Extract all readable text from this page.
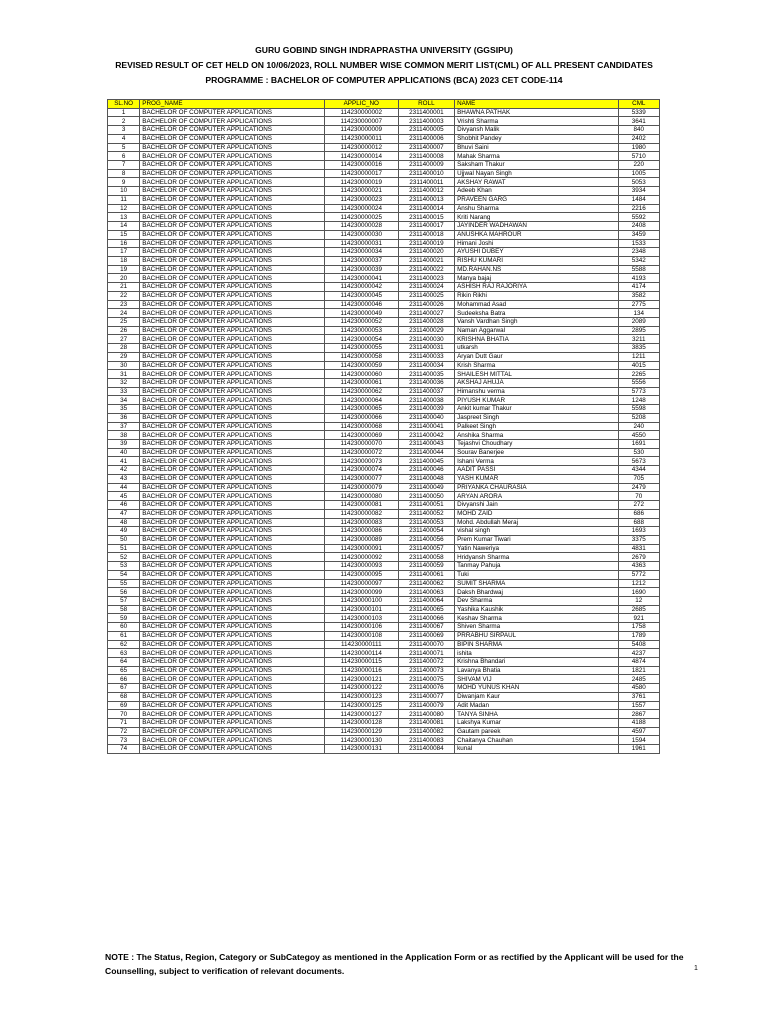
GURU GOBIND SINGH INDRAPRASTHA UNIVERSITY (GGSIPU)
REVISED RESULT OF CET HELD ON 10/06/2023, ROLL NUMBER WISE COMMON MERIT LIST(CML) OF ALL PRESENT CANDIDATES
PROGRAMME : BACHELOR OF COMPUTER APPLICATIONS (BCA) 2023 CET CODE-114
SL.NO	PROG_NAME	APPLIC_NO	ROLL	NAME	CML
1	BACHELOR OF COMPUTER APPLICATIONS	114230000002	2311400001	BHAWNA PATHAK	5339
2	BACHELOR OF COMPUTER APPLICATIONS	114230000007	2311400003	Vrishti Sharma	3641
3	BACHELOR OF COMPUTER APPLICATIONS	114230000009	2311400005	Divyansh Malik	840
4	BACHELOR OF COMPUTER APPLICATIONS	114230000011	2311400006	Shobhit Pandey	2402
5	BACHELOR OF COMPUTER APPLICATIONS	114230000012	2311400007	Bhuvi Saini	1980
6	BACHELOR OF COMPUTER APPLICATIONS	114230000014	2311400008	Mahak Sharma	5710
7	BACHELOR OF COMPUTER APPLICATIONS	114230000016	2311400009	Saksham Thakur	220
8	BACHELOR OF COMPUTER APPLICATIONS	114230000017	2311400010	Ujjwal Nayan Singh	1005
9	BACHELOR OF COMPUTER APPLICATIONS	114230000019	2311400011	AKSHAY RAWAT	5053
10	BACHELOR OF COMPUTER APPLICATIONS	114230000021	2311400012	Adeeb Khan	3934
11	BACHELOR OF COMPUTER APPLICATIONS	114230000023	2311400013	PRAVEEN GARG	1484
12	BACHELOR OF COMPUTER APPLICATIONS	114230000024	2311400014	Anshu Sharma	2216
13	BACHELOR OF COMPUTER APPLICATIONS	114230000025	2311400015	Kriti Narang	5592
14	BACHELOR OF COMPUTER APPLICATIONS	114230000028	2311400017	JAYINDER WADHAWAN	2408
15	BACHELOR OF COMPUTER APPLICATIONS	114230000030	2311400018	ANUSHKA MAHROUR	3459
16	BACHELOR OF COMPUTER APPLICATIONS	114230000031	2311400019	Himani Joshi	1533
17	BACHELOR OF COMPUTER APPLICATIONS	114230000034	2311400020	AYUSHI DUBEY	2348
18	BACHELOR OF COMPUTER APPLICATIONS	114230000037	2311400021	RISHU KUMARI	5342
19	BACHELOR OF COMPUTER APPLICATIONS	114230000039	2311400022	MD.RAHAN.NS	5588
20	BACHELOR OF COMPUTER APPLICATIONS	114230000041	2311400023	Manya bajaj	4193
21	BACHELOR OF COMPUTER APPLICATIONS	114230000042	2311400024	ASHISH RAJ RAJORIYA	4174
22	BACHELOR OF COMPUTER APPLICATIONS	114230000045	2311400025	Rikin Rikhi	3582
23	BACHELOR OF COMPUTER APPLICATIONS	114230000046	2311400026	Mohammad Asad	2775
24	BACHELOR OF COMPUTER APPLICATIONS	114230000049	2311400027	Sudeeksha Batra	134
25	BACHELOR OF COMPUTER APPLICATIONS	114230000052	2311400028	Vansh Vardhan Singh	2089
26	BACHELOR OF COMPUTER APPLICATIONS	114230000053	2311400029	Naman Aggarwal	2895
27	BACHELOR OF COMPUTER APPLICATIONS	114230000054	2311400030	KRISHNA BHATIA	3211
28	BACHELOR OF COMPUTER APPLICATIONS	114230000055	2311400031	utkarsh	3835
29	BACHELOR OF COMPUTER APPLICATIONS	114230000058	2311400033	Aryan Dutt Gaur	1211
30	BACHELOR OF COMPUTER APPLICATIONS	114230000059	2311400034	Krish Sharma	4015
31	BACHELOR OF COMPUTER APPLICATIONS	114230000060	2311400035	SHAILESH MITTAL	2265
32	BACHELOR OF COMPUTER APPLICATIONS	114230000061	2311400036	AKSHAJ AHUJA	5556
33	BACHELOR OF COMPUTER APPLICATIONS	114230000062	2311400037	Himanshu verma	5773
34	BACHELOR OF COMPUTER APPLICATIONS	114230000064	2311400038	PIYUSH KUMAR	1248
35	BACHELOR OF COMPUTER APPLICATIONS	114230000065	2311400039	Ankit kumar Thakur	5598
36	BACHELOR OF COMPUTER APPLICATIONS	114230000066	2311400040	Jaspreet Singh	5208
37	BACHELOR OF COMPUTER APPLICATIONS	114230000068	2311400041	Palkeet Singh	240
38	BACHELOR OF COMPUTER APPLICATIONS	114230000069	2311400042	Anshika Sharma	4550
39	BACHELOR OF COMPUTER APPLICATIONS	114230000070	2311400043	Tejashvi Choudhary	1691
40	BACHELOR OF COMPUTER APPLICATIONS	114230000072	2311400044	Sourav Banerjee	530
41	BACHELOR OF COMPUTER APPLICATIONS	114230000073	2311400045	Ishani Verma	5673
42	BACHELOR OF COMPUTER APPLICATIONS	114230000074	2311400046	AADIT PASSI	4344
43	BACHELOR OF COMPUTER APPLICATIONS	114230000077	2311400048	YASH KUMAR	705
44	BACHELOR OF COMPUTER APPLICATIONS	114230000079	2311400049	PRIYANKA CHAURASIA	2479
45	BACHELOR OF COMPUTER APPLICATIONS	114230000080	2311400050	ARYAN ARORA	70
46	BACHELOR OF COMPUTER APPLICATIONS	114230000081	2311400051	Divyanshi Jain	272
47	BACHELOR OF COMPUTER APPLICATIONS	114230000082	2311400052	MOHD ZAID	686
48	BACHELOR OF COMPUTER APPLICATIONS	114230000083	2311400053	Mohd. Abdullah Meraj	688
49	BACHELOR OF COMPUTER APPLICATIONS	114230000086	2311400054	vishal singh	1693
50	BACHELOR OF COMPUTER APPLICATIONS	114230000089	2311400056	Prem Kumar Tiwari	3375
51	BACHELOR OF COMPUTER APPLICATIONS	114230000091	2311400057	Yatin Naweriya	4831
52	BACHELOR OF COMPUTER APPLICATIONS	114230000092	2311400058	Hridyansh Sharma	2679
53	BACHELOR OF COMPUTER APPLICATIONS	114230000093	2311400059	Tanmay Pahuja	4363
54	BACHELOR OF COMPUTER APPLICATIONS	114230000095	2311400061	Tuki	5772
55	BACHELOR OF COMPUTER APPLICATIONS	114230000097	2311400062	SUMIT SHARMA	1212
56	BACHELOR OF COMPUTER APPLICATIONS	114230000099	2311400063	Daksh Bhardwaj	1690
57	BACHELOR OF COMPUTER APPLICATIONS	114230000100	2311400064	Dev Sharma	12
58	BACHELOR OF COMPUTER APPLICATIONS	114230000101	2311400065	Yashika Kaushik	2685
59	BACHELOR OF COMPUTER APPLICATIONS	114230000103	2311400066	Keshav Sharma	921
60	BACHELOR OF COMPUTER APPLICATIONS	114230000106	2311400067	Shiven Sharma	1758
61	BACHELOR OF COMPUTER APPLICATIONS	114230000108	2311400069	PRRABHU SIRPAUL	1789
62	BACHELOR OF COMPUTER APPLICATIONS	114230000111	2311400070	BIPIN SHARMA	5408
63	BACHELOR OF COMPUTER APPLICATIONS	114230000114	2311400071	ishita	4237
64	BACHELOR OF COMPUTER APPLICATIONS	114230000115	2311400072	Krishna Bhandari	4874
65	BACHELOR OF COMPUTER APPLICATIONS	114230000116	2311400073	Lavanya Bhatia	1821
66	BACHELOR OF COMPUTER APPLICATIONS	114230000121	2311400075	SHIVAM VIJ	2485
67	BACHELOR OF COMPUTER APPLICATIONS	114230000122	2311400076	MOHD YUNUS KHAN	4580
68	BACHELOR OF COMPUTER APPLICATIONS	114230000123	2311400077	Diwanjam Kaur	3761
69	BACHELOR OF COMPUTER APPLICATIONS	114230000125	2311400079	Adit Madan	1557
70	BACHELOR OF COMPUTER APPLICATIONS	114230000127	2311400080	TANYA SINHA	2867
71	BACHELOR OF COMPUTER APPLICATIONS	114230000128	2311400081	Lakshya Kumar	4188
72	BACHELOR OF COMPUTER APPLICATIONS	114230000129	2311400082	Gautam pareek	4597
73	BACHELOR OF COMPUTER APPLICATIONS	114230000130	2311400083	Chaitanya Chauhan	1594
74	BACHELOR OF COMPUTER APPLICATIONS	114230000131	2311400084	kunal	1961
NOTE : The Status, Region, Category or SubCategoy as mentioned in the Application Form or as rectified by the Applicant will be used for the Counselling, subject to verification of relevant documents.	1
